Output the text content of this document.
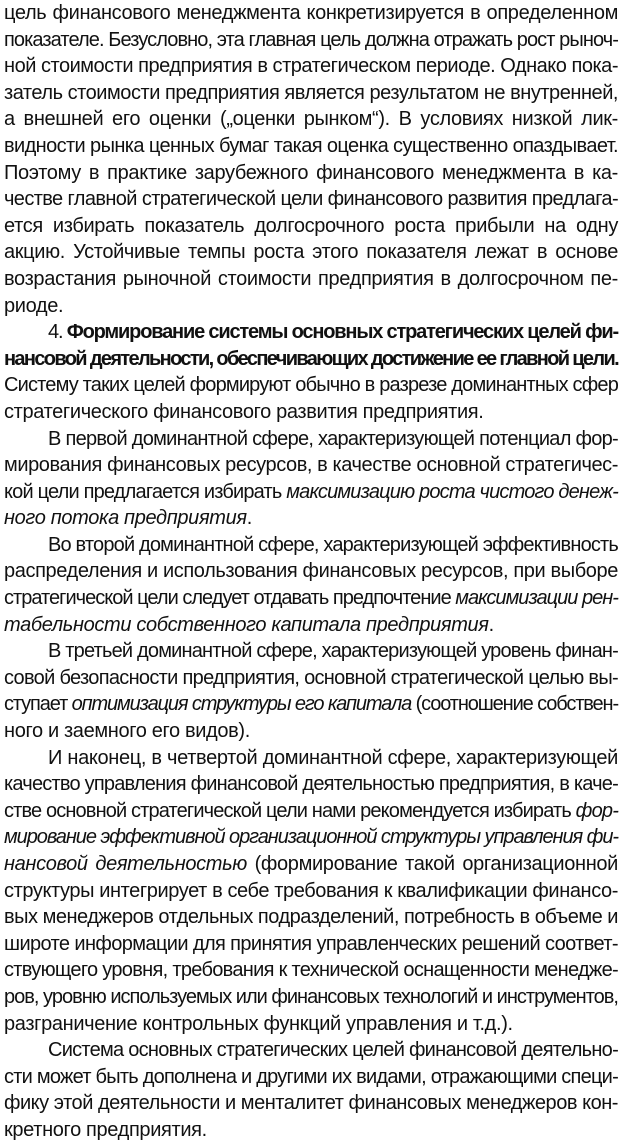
цель финансового менеджмента конкретизируется в определенном
показателе. Безусловно, эта главная цель должна отражать рост рыноч-
ной стоимости предприятия в стратегическом периоде. Однако пока-
затель стоимости предприятия является результатом не внутренней,
а внешней его оценки („оценки рынком“). В условиях низкой лик-
видности рынка ценных бумаг такая оценка существенно опаздывает.
Поэтому в практике зарубежного финансового менеджмента в ка-
честве главной стратегической цели финансового развития предлага-
ется избирать показатель долгосрочного роста прибыли на одну
акцию. Устойчивые темпы роста этого показателя лежат в основе
возрастания рыночной стоимости предприятия в долгосрочном пе-
риоде.
4. Формирование системы основных стратегических целей фи-
нансовой деятельности, обеспечивающих достижение ее главной цели.
Систему таких целей формируют обычно в разрезе доминантных сфер
стратегического финансового развития предприятия.
В первой доминантной сфере, характеризующей потенциал фор-
мирования финансовых ресурсов, в качестве основной стратегичес-
кой цели предлагается избирать максимизацию роста чистого денеж-
ного потока предприятия.
Во второй доминантной сфере, характеризующей эффективность
распределения и использования финансовых ресурсов, при выборе
стратегической цели следует отдавать предпочтение максимизации рен-
табельности собственного капитала предприятия.
В третьей доминантной сфере, характеризующей уровень финан-
совой безопасности предприятия, основной стратегической целью вы-
ступает оптимизация структуры его капитала (соотношение собствен-
ного и заемного его видов).
И наконец, в четвертой доминантной сфере, характеризующей
качество управления финансовой деятельностью предприятия, в каче-
стве основной стратегической цели нами рекомендуется избирать фор-
мирование эффективной организационной структуры управления фи-
нансовой деятельностью (формирование такой организационной
структуры интегрирует в себе требования к квалификации финансо-
вых менеджеров отдельных подразделений, потребность в объеме и
широте информации для принятия управленческих решений соответ-
ствующего уровня, требования к технической оснащенности менедже-
ров, уровню используемых или финансовых технологий и инструментов,
разграничение контрольных функций управления и т.д.).
Система основных стратегических целей финансовой деятельно-
сти может быть дополнена и другими их видами, отражающими специ-
фику этой деятельности и менталитет финансовых менеджеров кон-
кретного предприятия.
